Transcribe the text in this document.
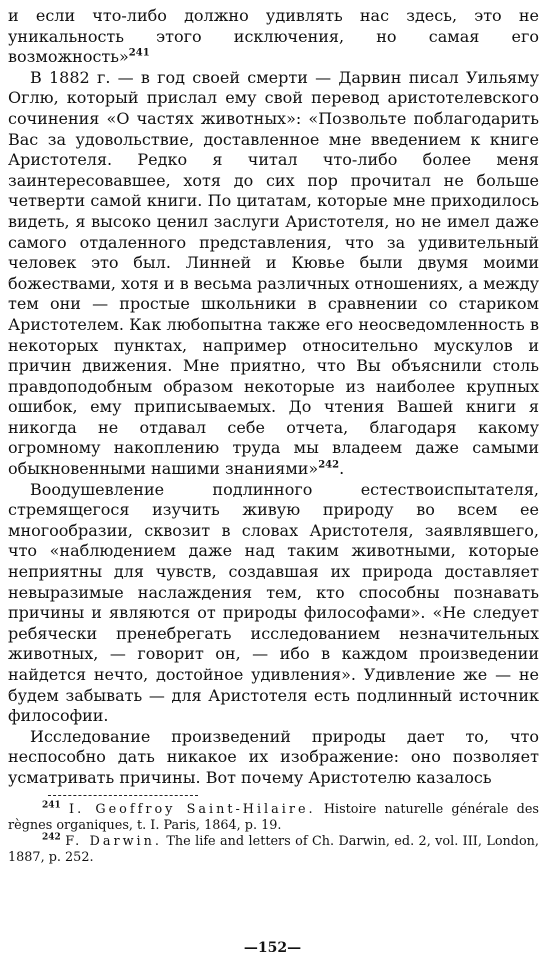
и если что-либо должно удивлять нас здесь, это не уникальность этого исключения, но самая его возможность»$^{241}$

В 1882 г. — в год своей смерти — Дарвин писал Уильяму Оглю, который прислал ему свой перевод аристотелевского сочинения «О частях животных»: «Позвольте поблагодарить Вас за удовольствие, доставленное мне введением к книге Аристотеля. Редко я читал что-либо более меня заинтересовавшее, хотя до сих пор прочитал не больше четверти самой книги. По цитатам, которые мне приходилось видеть, я высоко ценил заслуги Аристотеля, но не имел даже самого отдаленного представления, что за удивительный человек это был. Линней и Кювье были двумя моими божествами, хотя и в весьма различных отношениях, а между тем они — простые школьники в сравнении со стариком Аристотелем. Как любопытна также его неосведомленность в некоторых пунктах, например относительно мускулов и причин движения. Мне приятно, что Вы объяснили столь правдоподобным образом некоторые из наиболее крупных ошибок, ему приписываемых. До чтения Вашей книги я никогда не отдавал себе отчета, благодаря какому огромному накоплению труда мы владеем даже самыми обыкновенными нашими знаниями»$^{242}$.

Воодушевление подлинного естествоиспытателя, стремящегося изучить живую природу во всем ее многообразии, сквозит в словах Аристотеля, заявлявшего, что «наблюдением даже над таким животными, которые неприятны для чувств, создавшая их природа доставляет невыразимые наслаждения тем, кто способны познавать причины и являются от природы философами». «Не следует ребячески пренебрегать исследованием незначительных животных, — говорит он, — ибо в каждом произведении найдется нечто, достойное удивления». Удивление же — не будем забывать — для Аристотеля есть подлинный источник философии.

Исследование произведений природы дает то, что неспособно дать никакое их изображение: оно позволяет усматривать причины. Вот почему Аристотелю казалось

$^{241}$ I. Geoffroy Saint-Hilaire. Histoire naturelle générale des règnes organiques, t. I. Paris, 1864, p. 19.

$^{242}$ F. Darwin. The life and letters of Ch. Darwin, ed. 2, vol. III, London, 1887, p. 252.

—152—
